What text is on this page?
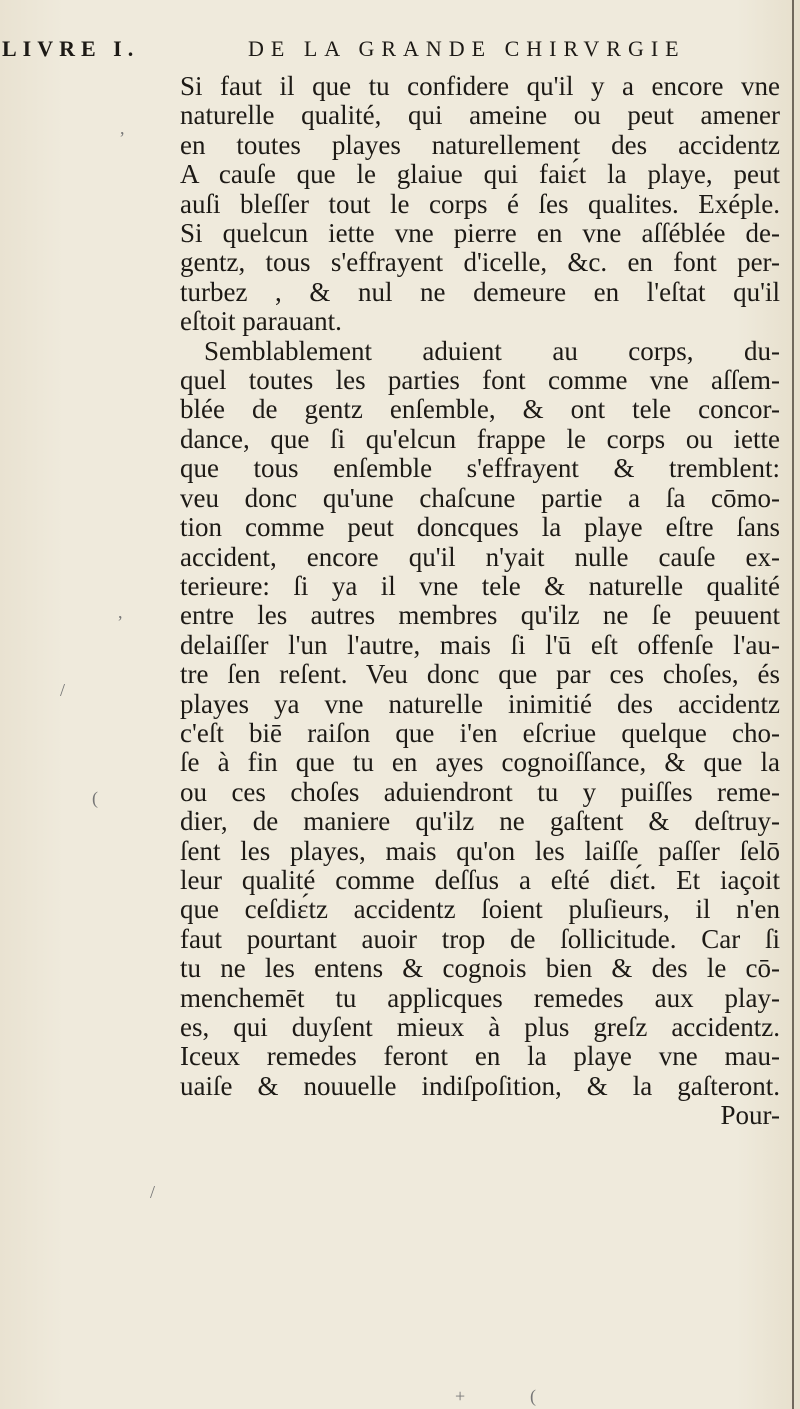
LIVRE I.	DE LA GRANDE CHIRVRGIE
Si faut il que tu confidere qu'il y a encore vne
naturelle qualité, qui ameine ou peut amener
en toutes playes naturellement des accidentz
A cauſe que le glaiue qui faiɛ́t la playe, peut
auſi bleſſer tout le corps é ſes qualites. Exéple.
Si quelcun iette vne pierre en vne aſſéblée de-
gentz, tous s'effrayent d'icelle, &c. en font per-
turbez , & nul ne demeure en l'eſtat qu'il
eſtoit parauant.
Semblablement aduient au corps, du-
quel toutes les parties font comme vne aſſem-
blée de gentz enſemble, & ont tele concor-
dance, que ſi qu'elcun frappe le corps ou iette
que tous enſemble s'effrayent & tremblent:
veu donc qu'une chaſcune partie a ſa cōmo-
tion comme peut doncques la playe eſtre ſans
accident, encore qu'il n'yait nulle cauſe ex-
terieure: ſi ya il vne tele & naturelle qualité
entre les autres membres qu'ilz ne ſe peuuent
delaiſſer l'un l'autre, mais ſi l'ū eſt offenſe l'au-
tre ſen reſent. Veu donc que par ces choſes, és
playes ya vne naturelle inimitié des accidentz
c'eſt biē raiſon que i'en eſcriue quelque cho-
ſe à fin que tu en ayes cognoiſſance, & que la
ou ces choſes aduiendront tu y puiſſes reme-
dier, de maniere qu'ilz ne gaſtent & deſtruy-
ſent les playes, mais qu'on les laiſſe paſſer ſelō
leur qualité comme deſſus a eſté diɛ́t. Et iaçoit
que ceſdiɛ́tz accidentz ſoient pluſieurs, il n'en
faut pourtant auoir trop de ſollicitude. Car ſi
tu ne les entens & cognois bien & des le cō-
menchemēt tu applicques remedes aux play-
es, qui duyſent mieux à plus greſz accidentz.
Iceux remedes feront en la playe vne mau-
uaiſe & nouuelle indiſpoſition, & la gaſteront.
Pour-
,
,
/
(
/
+	(
